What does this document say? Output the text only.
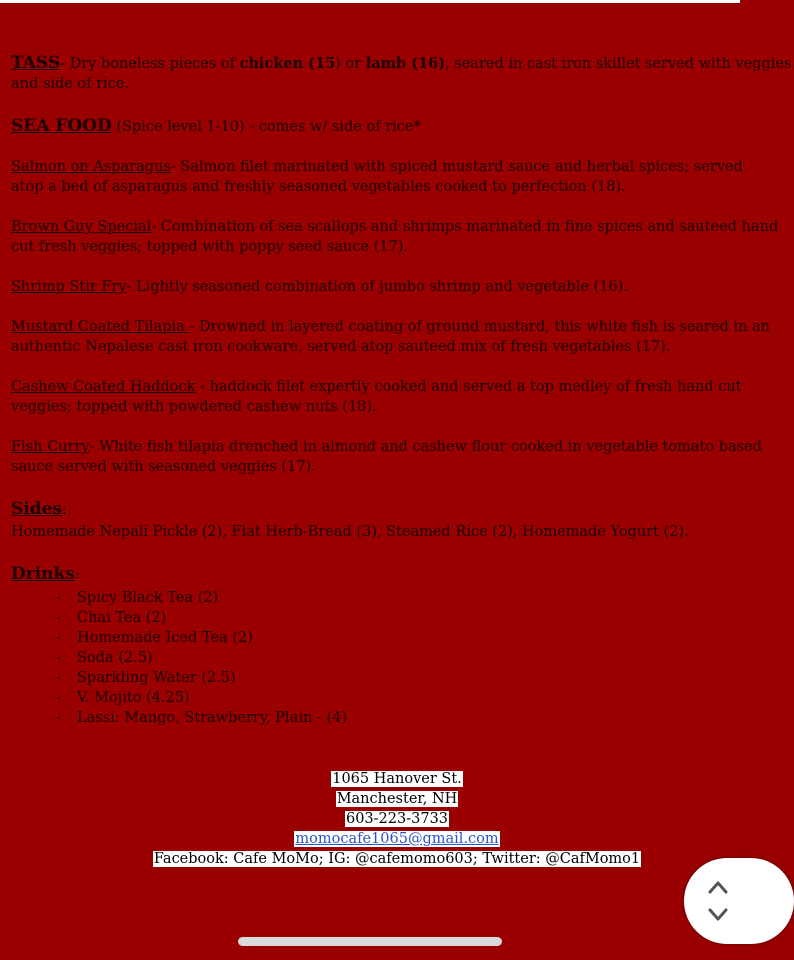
TASS- Dry boneless pieces of chicken (15) or lamb (16), seared in cast iron skillet served with veggies
and side of rice.

SEA FOOD (Spice level 1-10) - comes w/ side of rice*

Salmon on Asparagus- Salmon filet marinated with spiced mustard sauce and herbal spices; served
atop a bed of asparagus and freshly seasoned vegetables cooked to perfection (18).

Brown Guy Special- Combination of sea scallops and shrimps marinated in fine spices and sauteed hand
cut fresh veggies; topped with poppy seed sauce (17).

Shrimp Stir Fry- Lightly seasoned combination of jumbo shrimp and vegetable (16).

Mustard Coated Tilapia - Drowned in layered coating of ground mustard, this white fish is seared in an
authentic Nepalese cast iron cookware, served atop sauteed mix of fresh vegetables (17).

Cashew Coated Haddock - haddock filet expertly cooked and served a top medley of fresh hand cut
veggies; topped with powdered cashew nuts (18).

Fish Curry- White fish tilapia drenched in almond and cashew flour cooked in vegetable tomato based
sauce served with seasoned veggies (17).

Sides:
Homemade Nepali Pickle (2), Flat Herb-Bread (3), Steamed Rice (2), Homemade Yogurt (2).

Drinks:

- Spicy Black Tea (2)
- Chai Tea (2)
- Homemade Iced Tea (2)
- Soda (2.5)
- Sparkling Water (2.5)
- V. Mojito (4.25)
- Lassi: Mango, Strawberry, Plain - (4)
1065 Hanover St.
Manchester, NH
603-223-3733
momocafe1065@gmail.com
Facebook: Cafe MoMo; IG: @cafemomo603; Twitter: @CafMomo1
